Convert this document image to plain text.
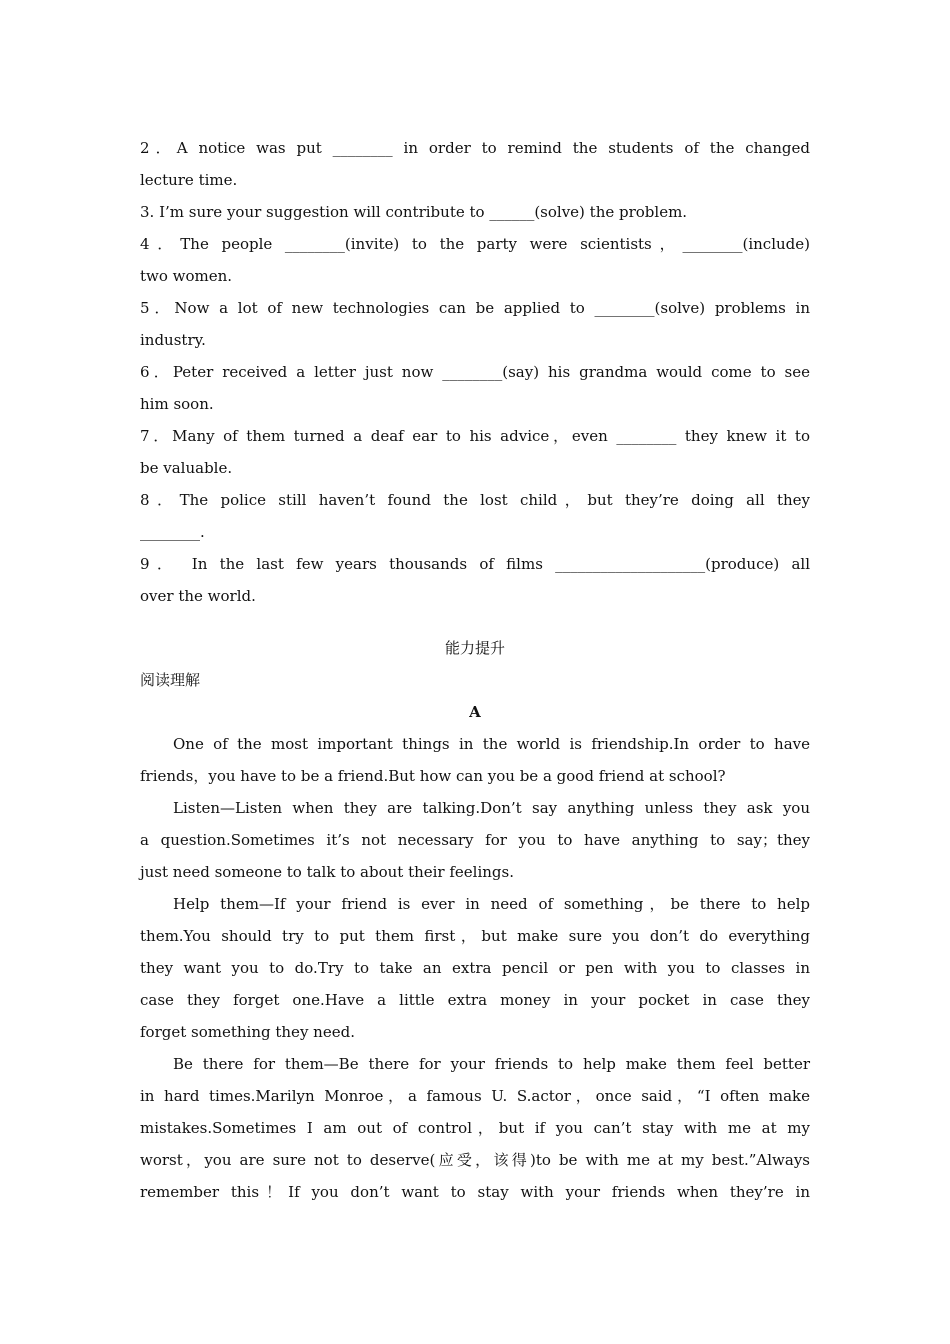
2．A notice was put ________ in order to remind the students of the changed
lecture time.
3. I’m sure your suggestion will contribute to ______(solve) the problem.
4．The people ________(invite) to the party were scientists，________(include)
two women.
5．Now a lot of new technologies can be applied to ________(solve) problems in
industry.
6．Peter received a letter just now ________(say) his grandma would come to see
him soon.
7．Many of them turned a deaf ear to his advice，even ________ they knew it to
be valuable.
8．The police still haven’t found the lost child，but they’re doing all they
________.
9． In the last few years thousands of films ____________________(produce) all
over the world.
能力提升
阅读理解
A
One of the most important things in the world is friendship.In order to have
friends，you have to be a friend.But how can you be a good friend at school?
Listen—Listen when they are talking.Don’t say anything unless they ask you
a question.Sometimes it’s not necessary for you to have anything to say；they
just need someone to talk to about their feelings.
Help them—If your friend is ever in need of something，be there to help
them.You should try to put them first，but make sure you don’t do everything
they want you to do.Try to take an extra pencil or pen with you to classes in
case they forget one.Have a little extra money in your pocket in case they
forget something they need.
Be there for them—Be there for your friends to help make them feel better
in hard times.Marilyn Monroe，a famous U. S.actor，once said，“I often make
mistakes.Sometimes I am out of control，but if you can’t stay with me at my
worst，you are sure not to deserve(应受，该得)to be with me at my best.”Always
remember this！If you don’t want to stay with your friends when they’re in
